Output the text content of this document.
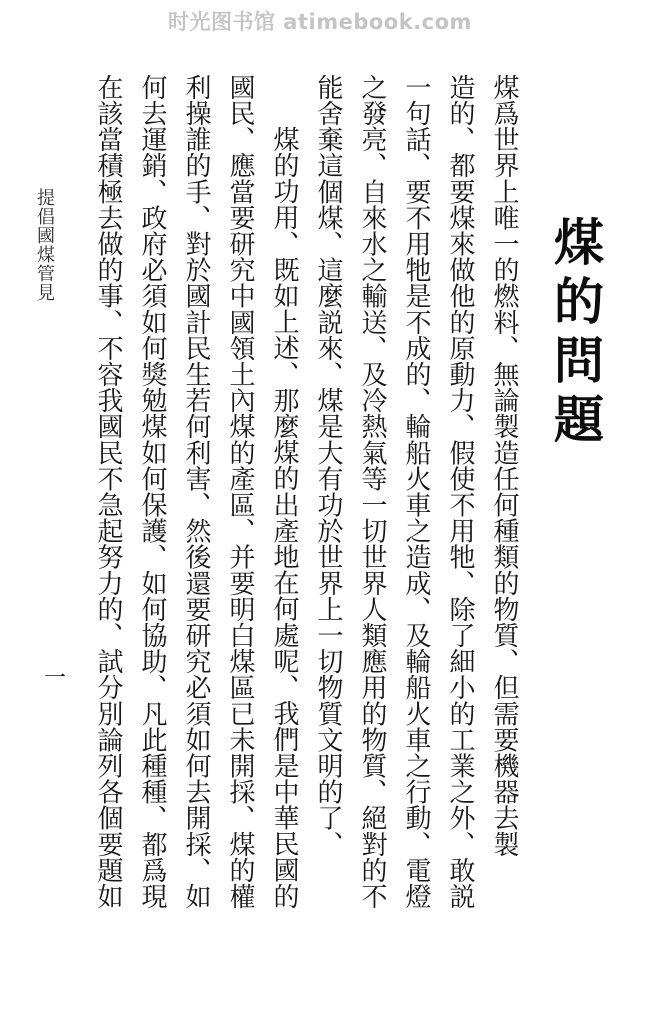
时光图书馆 atimebook.com
煤的問題
煤爲世界上唯一的燃料、無論製造任何種類的物質、但需要機器去製
造的、都要煤來做他的原動力、假使不用牠、除了細小的工業之外、敢説
一句話、要不用牠是不成的、輪船火車之造成、及輪船火車之行動、電燈
之發亮、自來水之輸送、及冷熱氣等一切世界人類應用的物質、絕對的不
能舍棄這個煤、這麼説來、煤是大有功於世界上一切物質文明的了、
煤的功用、既如上述、那麼煤的出產地在何處呢、我們是中華民國的
國民、應當要研究中國領土內煤的產區、并要明白煤區已未開採、煤的權
利操誰的手、對於國計民生若何利害、然後還要研究必須如何去開採、如
何去運銷、政府必須如何獎勉煤如何保護、如何協助、凡此種種、都爲現
在該當積極去做的事、不容我國民不急起努力的、試分別論列各個要題如
提倡國煤管見
一
